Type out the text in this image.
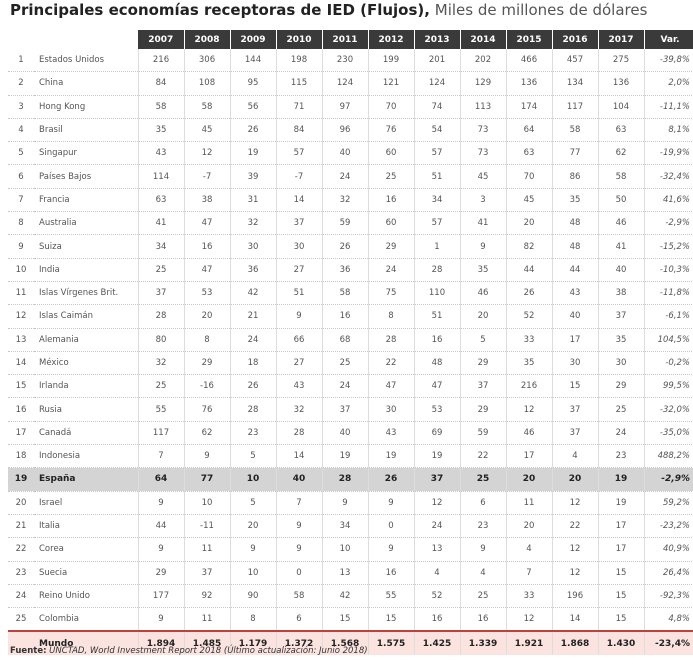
Principales economías receptoras de IED (Flujos), Miles de millones de dólares
		2007	2008	2009	2010	2011	2012	2013	2014	2015	2016	2017	Var.
1	Estados Unidos	216	306	144	198	230	199	201	202	466	457	275	-39,8%
2	China	84	108	95	115	124	121	124	129	136	134	136	2,0%
3	Hong Kong	58	58	56	71	97	70	74	113	174	117	104	-11,1%
4	Brasil	35	45	26	84	96	76	54	73	64	58	63	8,1%
5	Singapur	43	12	19	57	40	60	57	73	63	77	62	-19,9%
6	Países Bajos	114	-7	39	-7	24	25	51	45	70	86	58	-32,4%
7	Francia	63	38	31	14	32	16	34	3	45	35	50	41,6%
8	Australia	41	47	32	37	59	60	57	41	20	48	46	-2,9%
9	Suiza	34	16	30	30	26	29	1	9	82	48	41	-15,2%
10	India	25	47	36	27	36	24	28	35	44	44	40	-10,3%
11	Islas Vírgenes Brit.	37	53	42	51	58	75	110	46	26	43	38	-11,8%
12	Islas Caimán	28	20	21	9	16	8	51	20	52	40	37	-6,1%
13	Alemania	80	8	24	66	68	28	16	5	33	17	35	104,5%
14	México	32	29	18	27	25	22	48	29	35	30	30	-0,2%
15	Irlanda	25	-16	26	43	24	47	47	37	216	15	29	99,5%
16	Rusia	55	76	28	32	37	30	53	29	12	37	25	-32,0%
17	Canadá	117	62	23	28	40	43	69	59	46	37	24	-35,0%
18	Indonesia	7	9	5	14	19	19	19	22	17	4	23	488,2%
19	España	64	77	10	40	28	26	37	25	20	20	19	-2,9%
20	Israel	9	10	5	7	9	9	12	6	11	12	19	59,2%
21	Italia	44	-11	20	9	34	0	24	23	20	22	17	-23,2%
22	Corea	9	11	9	9	10	9	13	9	4	12	17	40,9%
23	Suecia	29	37	10	0	13	16	4	4	7	12	15	26,4%
24	Reino Unido	177	92	90	58	42	55	52	25	33	196	15	-92,3%
25	Colombia	9	11	8	6	15	15	16	16	12	14	15	4,8%
	Mundo	1.894	1.485	1.179	1.372	1.568	1.575	1.425	1.339	1.921	1.868	1.430	-23,4%
Fuente: UNCTAD, World Investment Report 2018 (Último actualización: Junio 2018)
